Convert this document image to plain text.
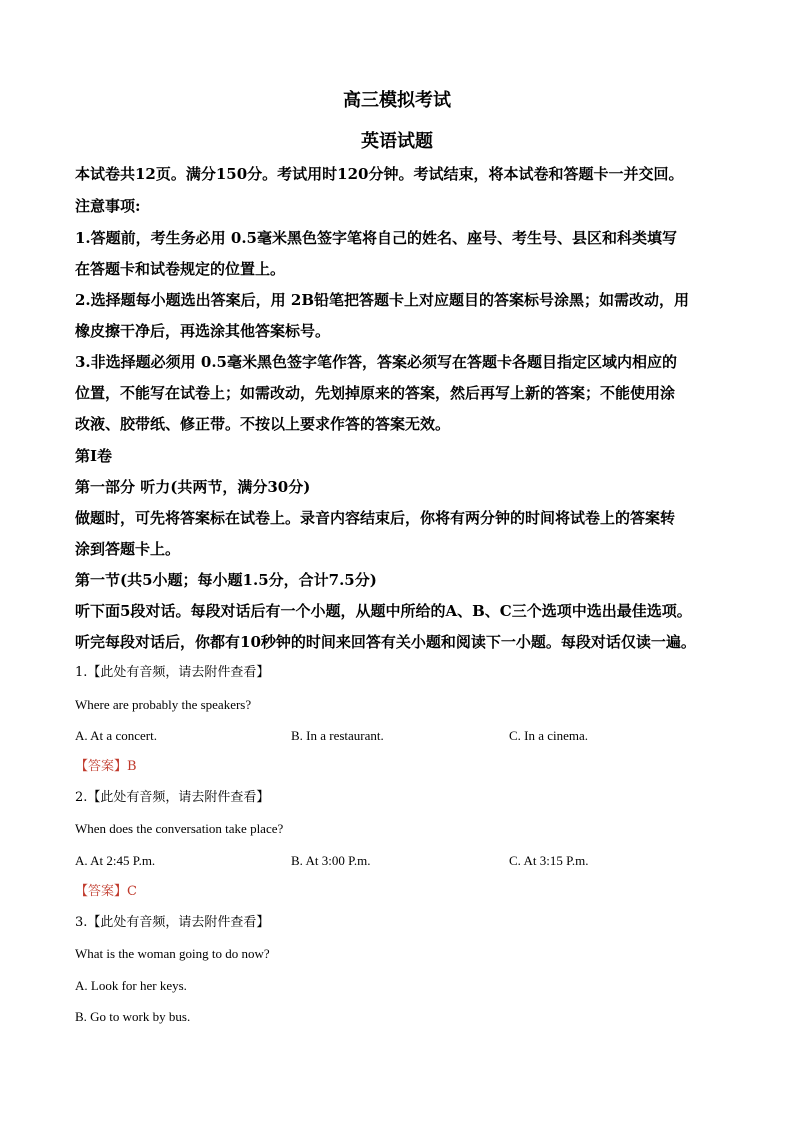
高三模拟考试
英语试题
本试卷共12页。满分150分。考试用时120分钟。考试结束，将本试卷和答题卡一并交回。
注意事项:
1.答题前，考生务必用 0.5毫米黑色签字笔将自己的姓名、座号、考生号、县区和科类填写
在答题卡和试卷规定的位置上。
2.选择题每小题选出答案后，用 2B铅笔把答题卡上对应题目的答案标号涂黑；如需改动，用
橡皮擦干净后，再选涂其他答案标号。
3.非选择题必须用 0.5毫米黑色签字笔作答，答案必须写在答题卡各题目指定区域内相应的
位置，不能写在试卷上；如需改动，先划掉原来的答案，然后再写上新的答案；不能使用涂
改液、胶带纸、修正带。不按以上要求作答的答案无效。
第Ⅰ卷
第一部分 听力(共两节，满分30分)
做题时，可先将答案标在试卷上。录音内容结束后，你将有两分钟的时间将试卷上的答案转
涂到答题卡上。
第一节(共5小题；每小题1.5分，合计7.5分)
听下面5段对话。每段对话后有一个小题，从题中所给的A、B、C三个选项中选出最佳选项。
听完每段对话后，你都有10秒钟的时间来回答有关小题和阅读下一小题。每段对话仅读一遍。
1.【此处有音频，请去附件查看】
Where are probably the speakers?
A. At a concert.	B. In a restaurant.	C. In a cinema.
【答案】B
2.【此处有音频，请去附件查看】
When does the conversation take place?
A. At 2:45 P.m.	B. At 3:00 P.m.	C. At 3:15 P.m.
【答案】C
3.【此处有音频，请去附件查看】
What is the woman going to do now?
A. Look for her keys.
B. Go to work by bus.
